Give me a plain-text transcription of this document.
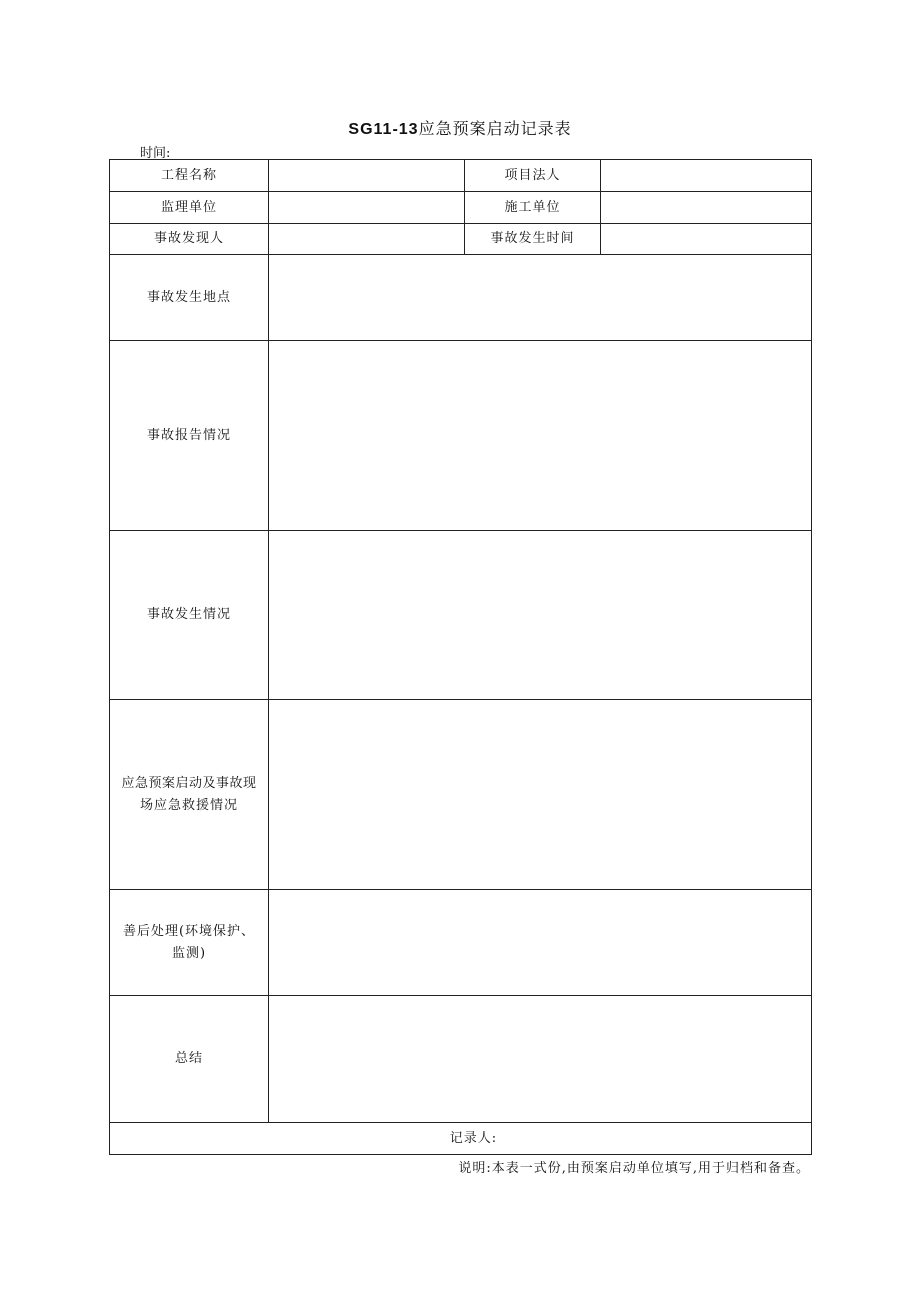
SG11-13应急预案启动记录表
时间:
工程名称		项目法人	
监理单位		施工单位	
事故发现人		事故发生时间	
事故发生地点			
事故报告情况			
事故发生情况			

应急预案启动及事故现
场应急救援情况			

善后处理(环境保护、
监测)			

总结			
记录人:			
说明:本表一式份,由预案启动单位填写,用于归档和备查。
